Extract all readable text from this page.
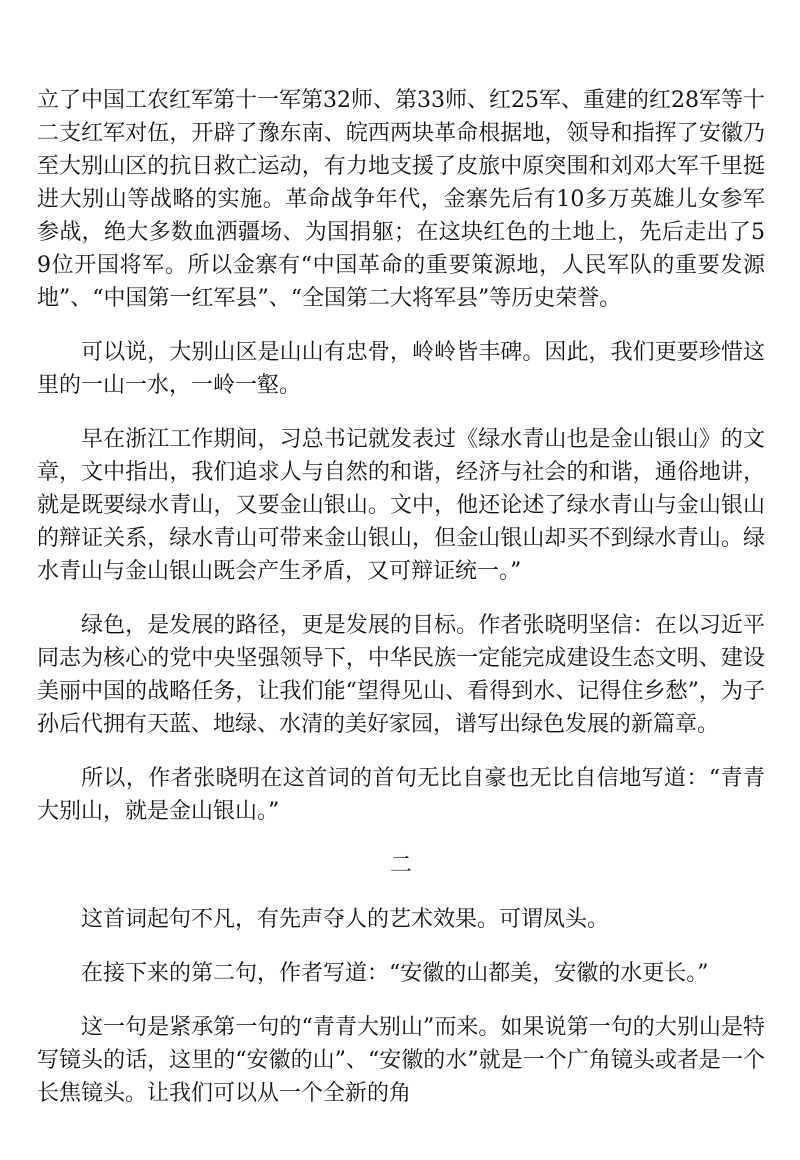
立了中国工农红军第十一军第32师、第33师、红25军、重建的红28军等十二支红军对伍，开辟了豫东南、皖西两块革命根据地，领导和指挥了安徽乃至大别山区的抗日救亡运动，有力地支援了皮旅中原突围和刘邓大军千里挺进大别山等战略的实施。革命战争年代，金寨先后有10多万英雄儿女参军参战，绝大多数血洒疆场、为国捐躯；在这块红色的土地上，先后走出了59位开国将军。所以金寨有“中国革命的重要策源地，人民军队的重要发源地”、“中国第一红军县”、“全国第二大将军县”等历史荣誉。

可以说，大别山区是山山有忠骨，岭岭皆丰碑。因此，我们更要珍惜这里的一山一水，一岭一壑。

早在浙江工作期间，习总书记就发表过《绿水青山也是金山银山》的文章，文中指出，我们追求人与自然的和谐，经济与社会的和谐，通俗地讲，就是既要绿水青山，又要金山银山。文中，他还论述了绿水青山与金山银山的辩证关系，绿水青山可带来金山银山，但金山银山却买不到绿水青山。绿水青山与金山银山既会产生矛盾，又可辩证统一。”

绿色，是发展的路径，更是发展的目标。作者张晓明坚信：在以习近平同志为核心的党中央坚强领导下，中华民族一定能完成建设生态文明、建设美丽中国的战略任务，让我们能“望得见山、看得到水、记得住乡愁”，为子孙后代拥有天蓝、地绿、水清的美好家园，谱写出绿色发展的新篇章。

所以，作者张晓明在这首词的首句无比自豪也无比自信地写道：“青青大别山，就是金山银山。”

二

这首词起句不凡，有先声夺人的艺术效果。可谓凤头。

在接下来的第二句，作者写道：“安徽的山都美，安徽的水更长。”

这一句是紧承第一句的“青青大别山”而来。如果说第一句的大别山是特写镜头的话，这里的“安徽的山”、“安徽的水”就是一个广角镜头或者是一个长焦镜头。让我们可以从一个全新的角
